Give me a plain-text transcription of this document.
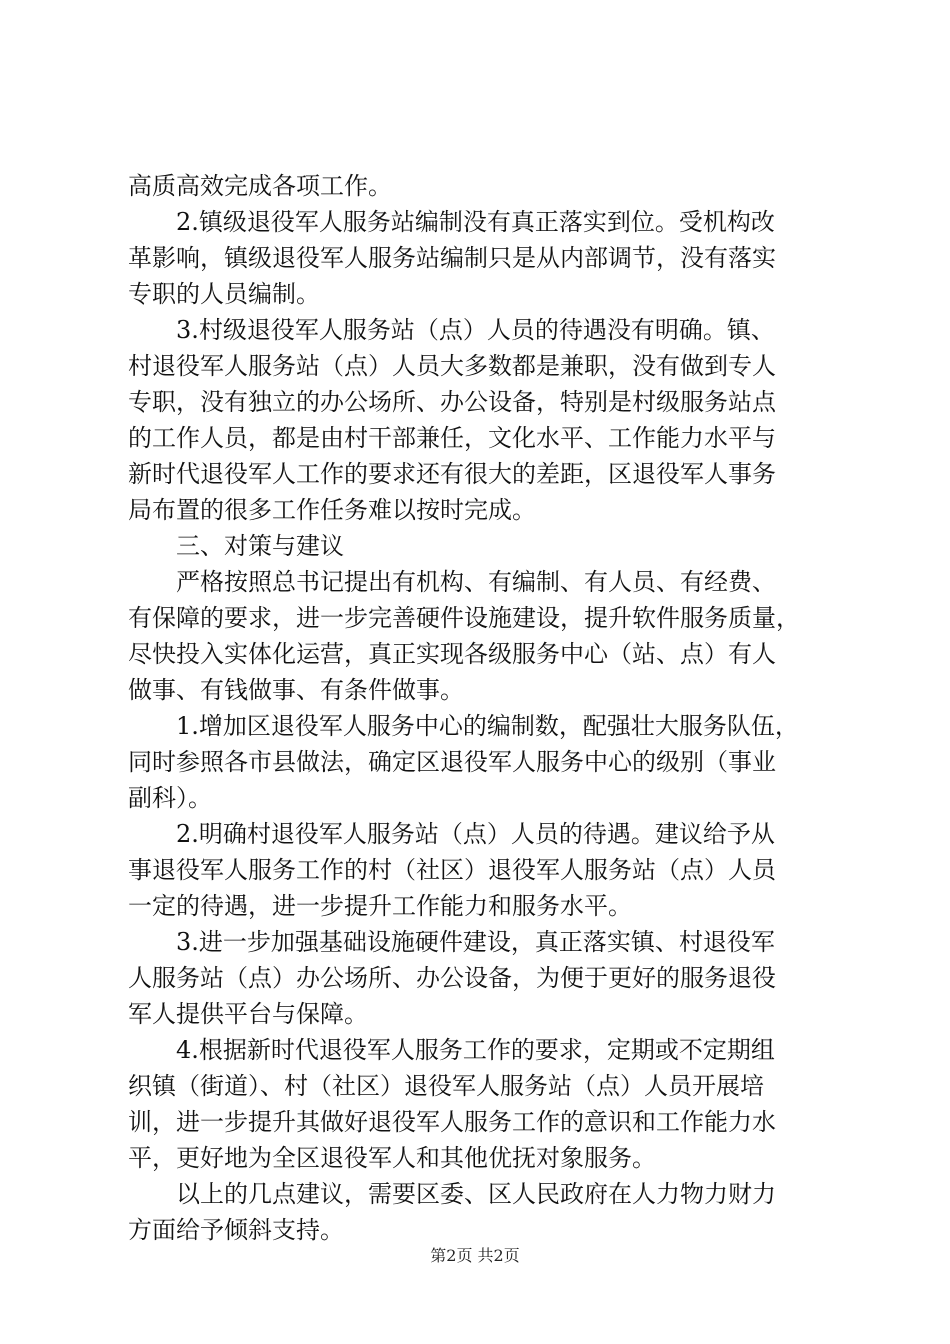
高质高效完成各项工作。
2.镇级退役军人服务站编制没有真正落实到位。受机构改
革影响，镇级退役军人服务站编制只是从内部调节，没有落实
专职的人员编制。
3.村级退役军人服务站（点）人员的待遇没有明确。镇、
村退役军人服务站（点）人员大多数都是兼职，没有做到专人
专职，没有独立的办公场所、办公设备，特别是村级服务站点
的工作人员，都是由村干部兼任，文化水平、工作能力水平与
新时代退役军人工作的要求还有很大的差距，区退役军人事务
局布置的很多工作任务难以按时完成。
三、对策与建议
严格按照总书记提出有机构、有编制、有人员、有经费、
有保障的要求，进一步完善硬件设施建设，提升软件服务质量，
尽快投入实体化运营，真正实现各级服务中心（站、点）有人
做事、有钱做事、有条件做事。
1.增加区退役军人服务中心的编制数，配强壮大服务队伍，
同时参照各市县做法，确定区退役军人服务中心的级别（事业
副科）。
2.明确村退役军人服务站（点）人员的待遇。建议给予从
事退役军人服务工作的村（社区）退役军人服务站（点）人员
一定的待遇，进一步提升工作能力和服务水平。
3.进一步加强基础设施硬件建设，真正落实镇、村退役军
人服务站（点）办公场所、办公设备，为便于更好的服务退役
军人提供平台与保障。
4.根据新时代退役军人服务工作的要求，定期或不定期组
织镇（街道）、村（社区）退役军人服务站（点）人员开展培
训，进一步提升其做好退役军人服务工作的意识和工作能力水
平，更好地为全区退役军人和其他优抚对象服务。
以上的几点建议，需要区委、区人民政府在人力物力财力
方面给予倾斜支持。
第2页 共2页
